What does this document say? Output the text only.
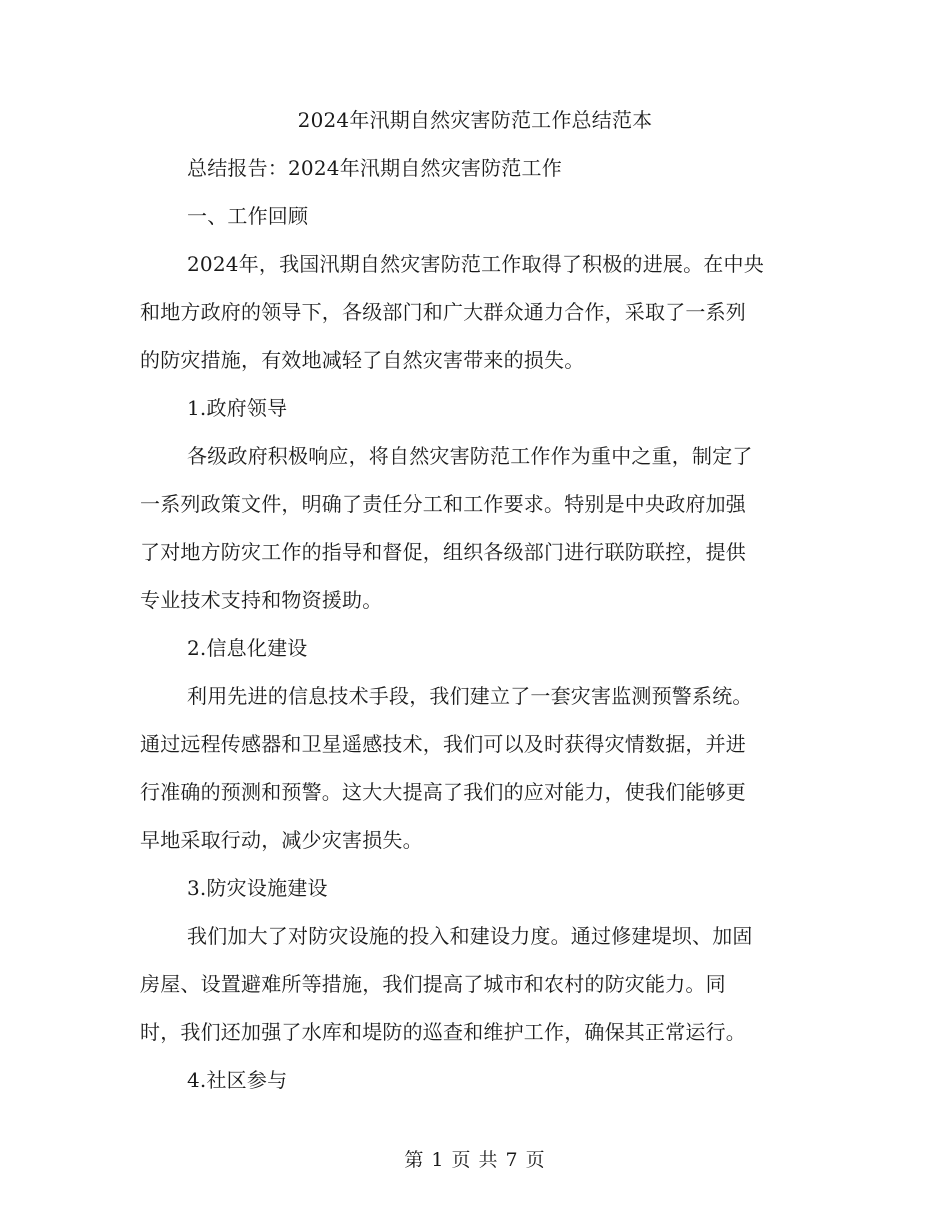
2024年汛期自然灾害防范工作总结范本
总结报告：2024年汛期自然灾害防范工作
一、工作回顾
2024年，我国汛期自然灾害防范工作取得了积极的进展。在中央
和地方政府的领导下，各级部门和广大群众通力合作，采取了一系列
的防灾措施，有效地减轻了自然灾害带来的损失。
1.政府领导
各级政府积极响应，将自然灾害防范工作作为重中之重，制定了
一系列政策文件，明确了责任分工和工作要求。特别是中央政府加强
了对地方防灾工作的指导和督促，组织各级部门进行联防联控，提供
专业技术支持和物资援助。
2.信息化建设
利用先进的信息技术手段，我们建立了一套灾害监测预警系统。
通过远程传感器和卫星遥感技术，我们可以及时获得灾情数据，并进
行准确的预测和预警。这大大提高了我们的应对能力，使我们能够更
早地采取行动，减少灾害损失。
3.防灾设施建设
我们加大了对防灾设施的投入和建设力度。通过修建堤坝、加固
房屋、设置避难所等措施，我们提高了城市和农村的防灾能力。同
时，我们还加强了水库和堤防的巡查和维护工作，确保其正常运行。
4.社区参与
第 1 页 共 7 页
